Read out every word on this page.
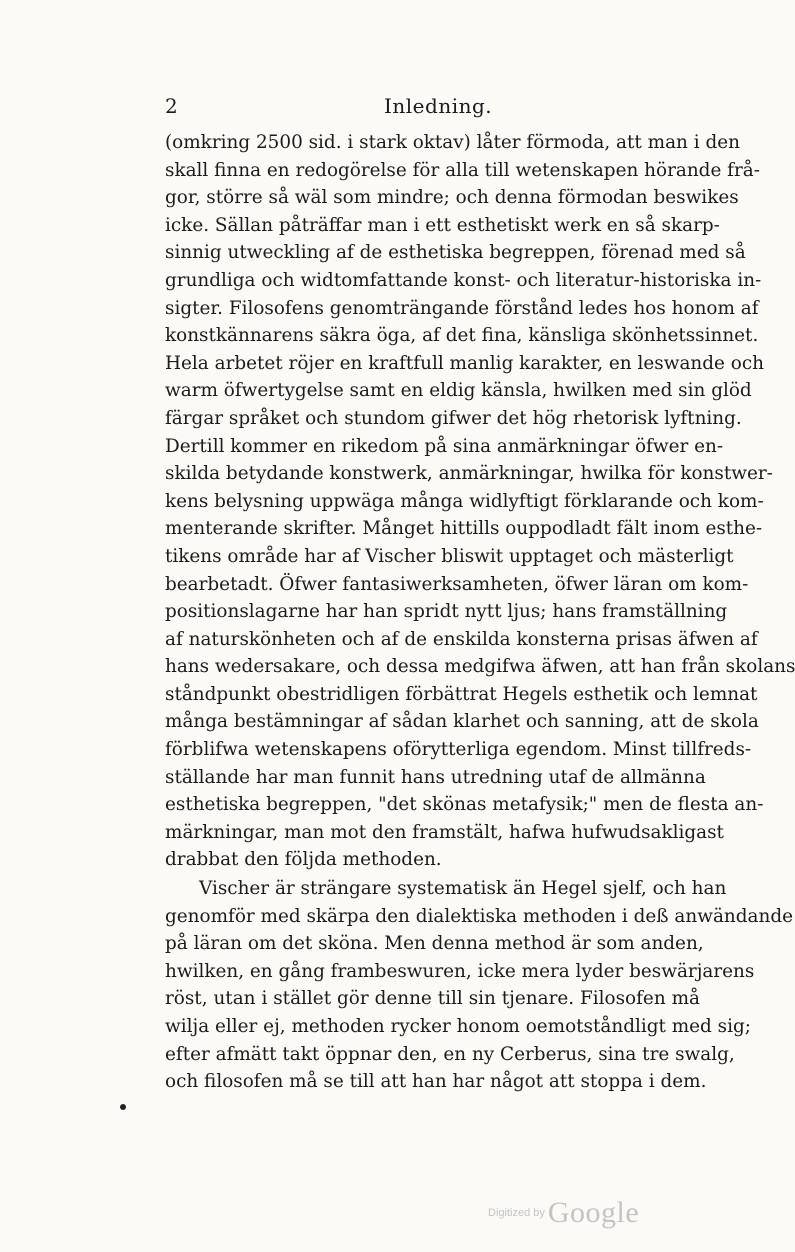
2	Inledning.
(omkring 2500 sid. i stark oktav) låter förmoda, att man i den
skall finna en redogörelse för alla till wetenskapen hörande frå-
gor, större så wäl som mindre; och denna förmodan beswikes
icke. Sällan påträffar man i ett esthetiskt werk en så skarp-
sinnig utweckling af de esthetiska begreppen, förenad med så
grundliga och widtomfattande konst- och literatur-historiska in-
sigter. Filosofens genomträngande förstånd ledes hos honom af
konstkännarens säkra öga, af det fina, känsliga skönhetssinnet.
Hela arbetet röjer en kraftfull manlig karakter, en leswande och
warm öfwertygelse samt en eldig känsla, hwilken med sin glöd
färgar språket och stundom gifwer det hög rhetorisk lyftning.
Dertill kommer en rikedom på sina anmärkningar öfwer en-
skilda betydande konstwerk, anmärkningar, hwilka för konstwer-
kens belysning uppwäga många widlyftigt förklarande och kom-
menterande skrifter. Månget hittills ouppodladt fält inom esthe-
tikens område har af Vischer bliswit upptaget och mästerligt
bearbetadt. Öfwer fantasiwerksamheten, öfwer läran om kom-
positionslagarne har han spridt nytt ljus; hans framställning
af naturskönheten och af de enskilda konsterna prisas äfwen af
hans wedersakare, och dessa medgifwa äfwen, att han från skolans
ståndpunkt obestridligen förbättrat Hegels esthetik och lemnat
många bestämningar af sådan klarhet och sanning, att de skola
förblifwa wetenskapens oförytterliga egendom. Minst tillfreds-
ställande har man funnit hans utredning utaf de allmänna
esthetiska begreppen, "det skönas metafysik;" men de flesta an-
märkningar, man mot den framstält, hafwa hufwudsakligast
drabbat den följda methoden.
Vischer är strängare systematisk än Hegel sjelf, och han
genomför med skärpa den dialektiska methoden i deß anwändande
på läran om det sköna. Men denna method är som anden,
hwilken, en gång frambeswuren, icke mera lyder beswärjarens
röst, utan i stället gör denne till sin tjenare. Filosofen må
wilja eller ej, methoden rycker honom oemotståndligt med sig;
efter afmätt takt öppnar den, en ny Cerberus, sina tre swalg,
och filosofen må se till att han har något att stoppa i dem.
Digitized by Google
